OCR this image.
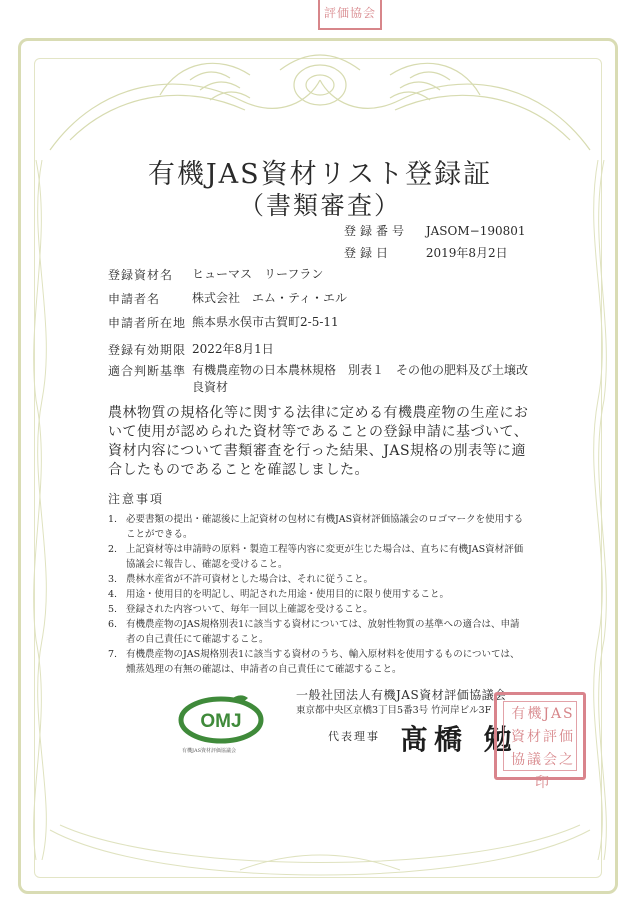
評価協会
有機JAS資材リスト登録証
（書類審査）
登録番号 JASOM−190801
登録日	2019年8月2日
登録資材名 ヒューマス　リーフラン
申請者名	株式会社　エム・ティ・エル
申請者所在地 熊本県水俣市古賀町2-5-11
登録有効期限 2022年8月1日
適合判断基準 有機農産物の日本農林規格　別表１　その他の肥料及び土壌改良資材
農林物質の規格化等に関する法律に定める有機農産物の生産において使用が認められた資材等であることの登録申請に基づいて、資材内容について書類審査を行った結果、JAS規格の別表等に適合したものであることを確認しました。
注意事項
1. 必要書類の提出・確認後に上記資材の包材に有機JAS資材評価協議会のロゴマークを使用することができる。
2. 上記資材等は申請時の原料・製造工程等内容に変更が生じた場合は、直ちに有機JAS資材評価協議会に報告し、確認を受けること。
3. 農林水産省が不許可資材とした場合は、それに従うこと。
4. 用途・使用目的を明記し、明記された用途・使用目的に限り使用すること。
5. 登録された内容ついて、毎年一回以上確認を受けること。
6. 有機農産物のJAS規格別表1に該当する資材については、放射性物質の基準への適合は、申請者の自己責任にて確認すること。
7. 有機農産物のJAS規格別表1に該当する資材のうち、輸入原材料を使用するものについては、燻蒸処理の有無の確認は、申請者の自己責任にて確認すること。
OMJ
有機JAS資材評価協議会
一般社団法人有機JAS資材評価協議会
東京都中央区京橋3丁目5番3号 竹河岸ビル3F
代表理事 髙橋 勉
有機JAS資材評価協議会之印
